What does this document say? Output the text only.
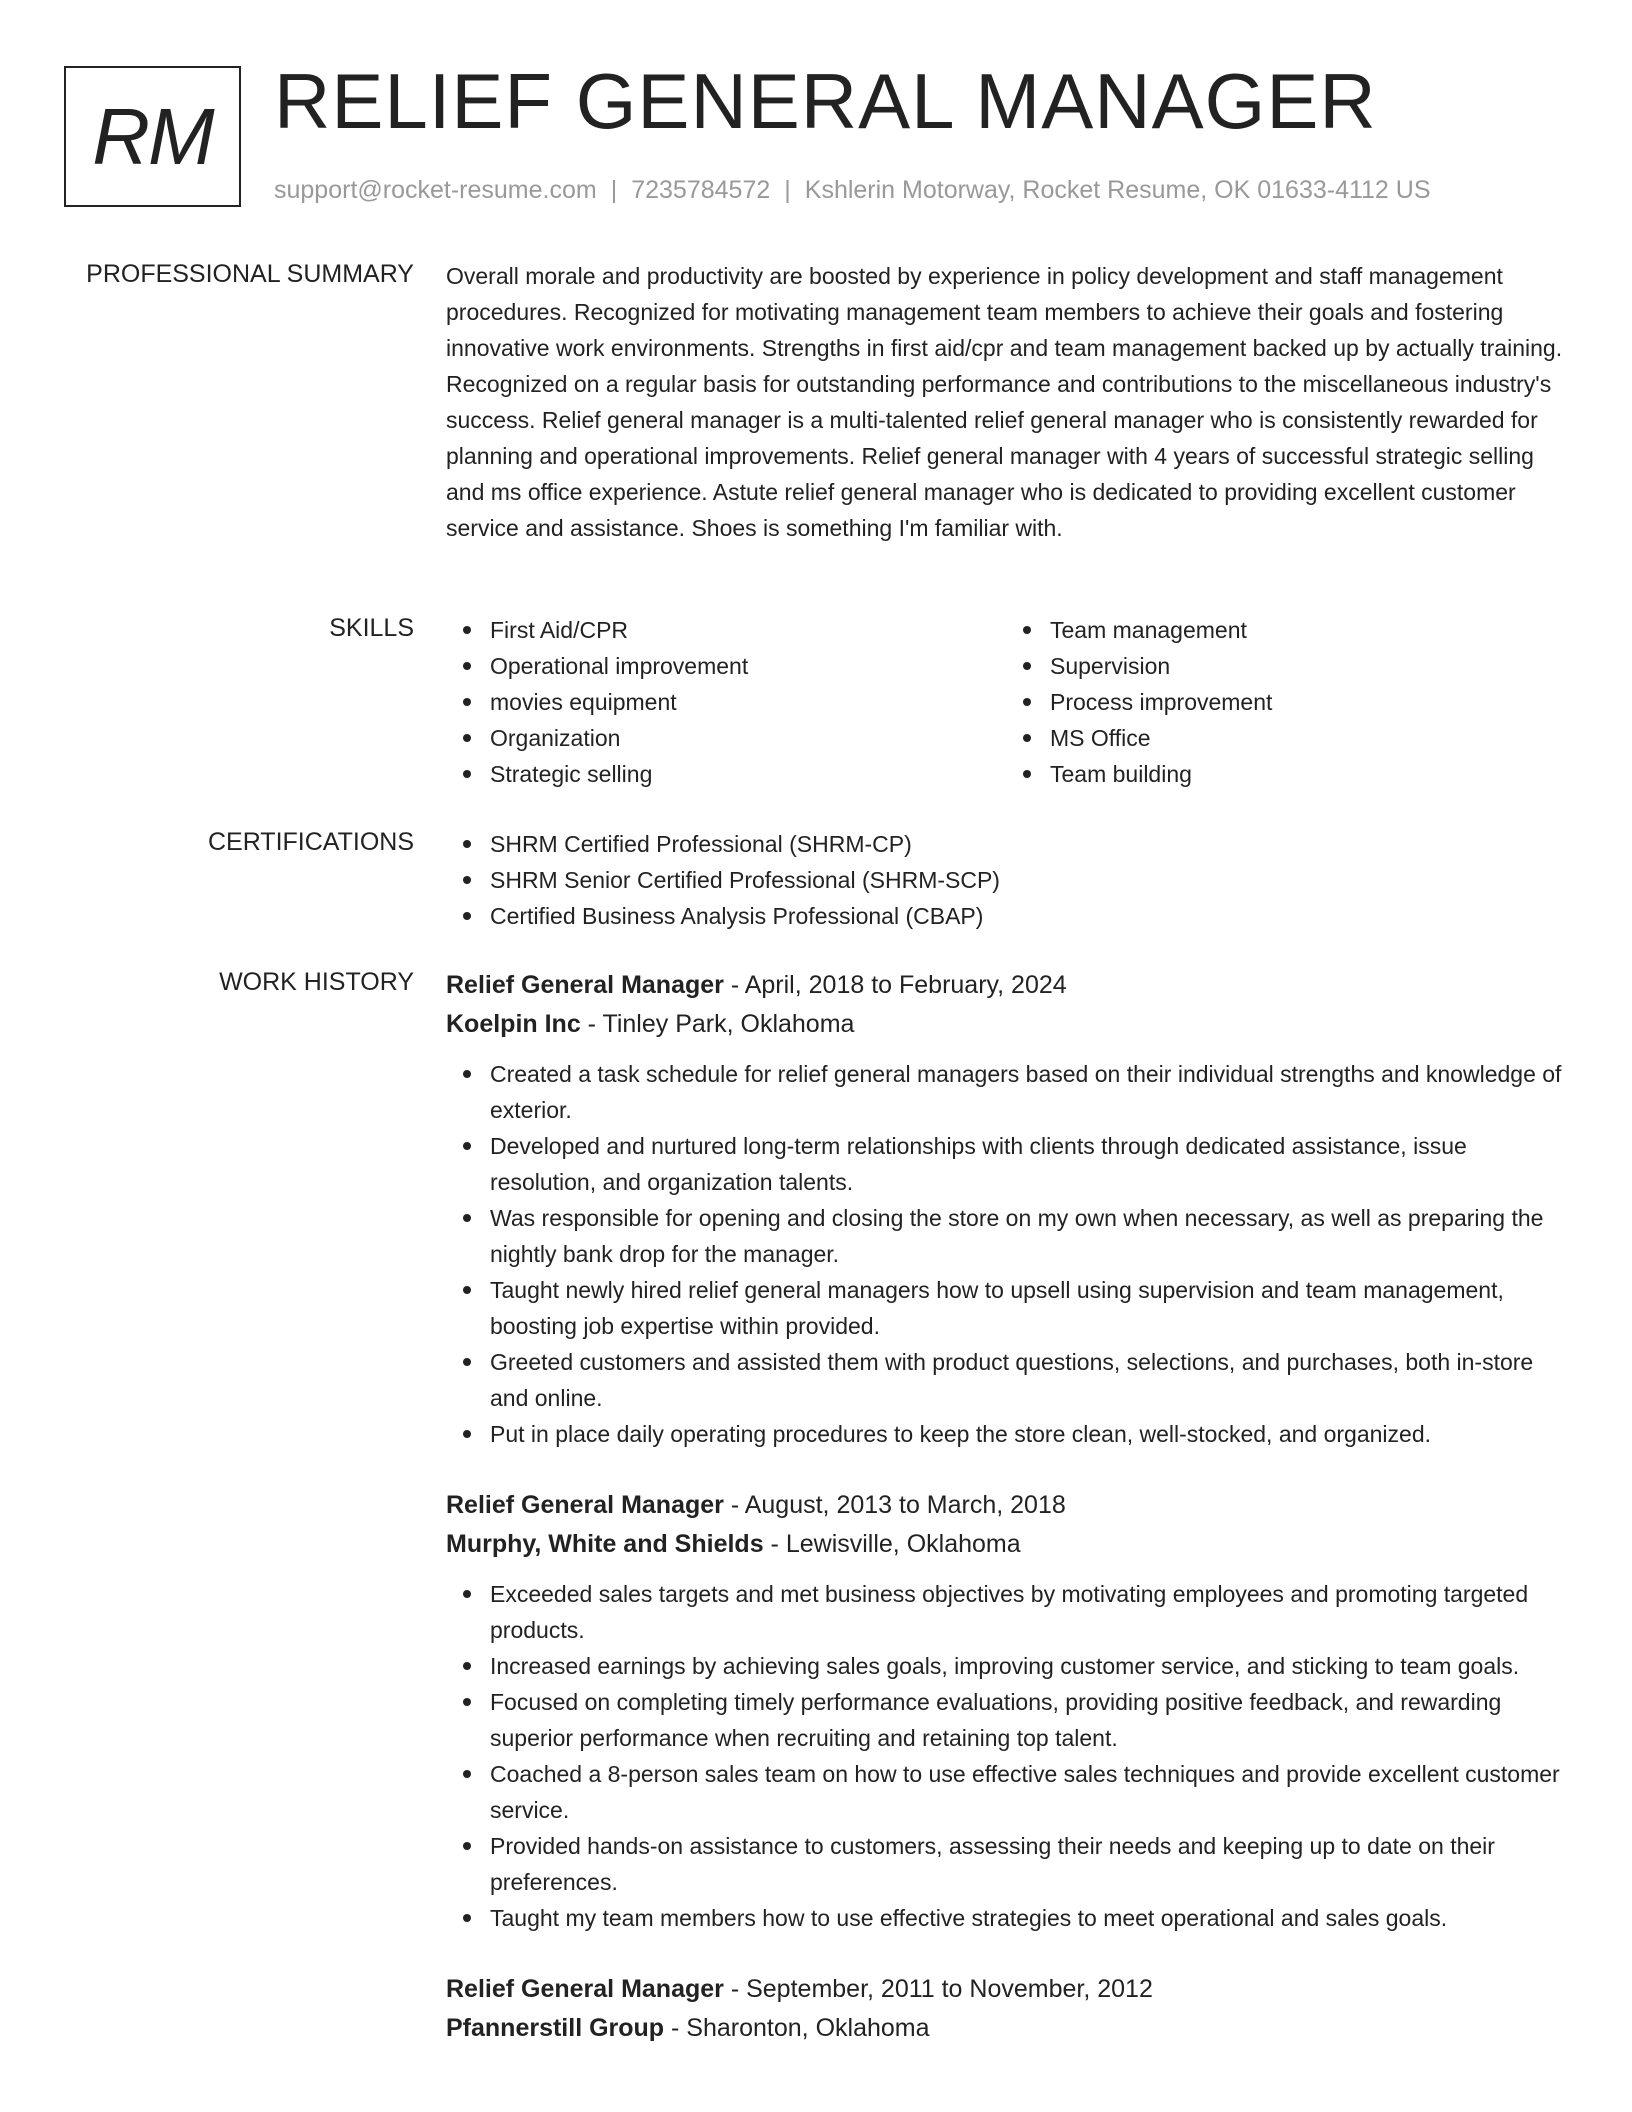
RM RELIEF GENERAL MANAGER
support@rocket-resume.com | 7235784572 | Kshlerin Motorway, Rocket Resume, OK 01633-4112 US
PROFESSIONAL SUMMARY Overall morale and productivity are boosted by experience in policy development and staff management procedures. Recognized for motivating management team members to achieve their goals and fostering innovative work environments. Strengths in first aid/cpr and team management backed up by actually training. Recognized on a regular basis for outstanding performance and contributions to the miscellaneous industry's success. Relief general manager is a multi-talented relief general manager who is consistently rewarded for planning and operational improvements. Relief general manager with 4 years of successful strategic selling and ms office experience. Astute relief general manager who is dedicated to providing excellent customer service and assistance. Shoes is something I'm familiar with.

SKILLS	First Aid/CPR
Operational improvement
movies equipment
Organization
Strategic selling
Team management
Supervision
Process improvement
MS Office
Team building
CERTIFICATIONS	SHRM Certified Professional (SHRM-CP)
SHRM Senior Certified Professional (SHRM-SCP)
Certified Business Analysis Professional (CBAP)
WORK HISTORY Relief General Manager - April, 2018 to February, 2024
Koelpin Inc - Tinley Park, Oklahoma
Created a task schedule for relief general managers based on their individual strengths and knowledge of exterior.
Developed and nurtured long-term relationships with clients through dedicated assistance, issue resolution, and organization talents.
Was responsible for opening and closing the store on my own when necessary, as well as preparing the nightly bank drop for the manager.
Taught newly hired relief general managers how to upsell using supervision and team management, boosting job expertise within provided.
Greeted customers and assisted them with product questions, selections, and purchases, both in-store and online.
Put in place daily operating procedures to keep the store clean, well-stocked, and organized.
Relief General Manager - August, 2013 to March, 2018
Murphy, White and Shields - Lewisville, Oklahoma
Exceeded sales targets and met business objectives by motivating employees and promoting targeted products.
Increased earnings by achieving sales goals, improving customer service, and sticking to team goals.
Focused on completing timely performance evaluations, providing positive feedback, and rewarding superior performance when recruiting and retaining top talent.
Coached a 8-person sales team on how to use effective sales techniques and provide excellent customer service.
Provided hands-on assistance to customers, assessing their needs and keeping up to date on their preferences.
Taught my team members how to use effective strategies to meet operational and sales goals.
Relief General Manager - September, 2011 to November, 2012
Pfannerstill Group - Sharonton, Oklahoma
